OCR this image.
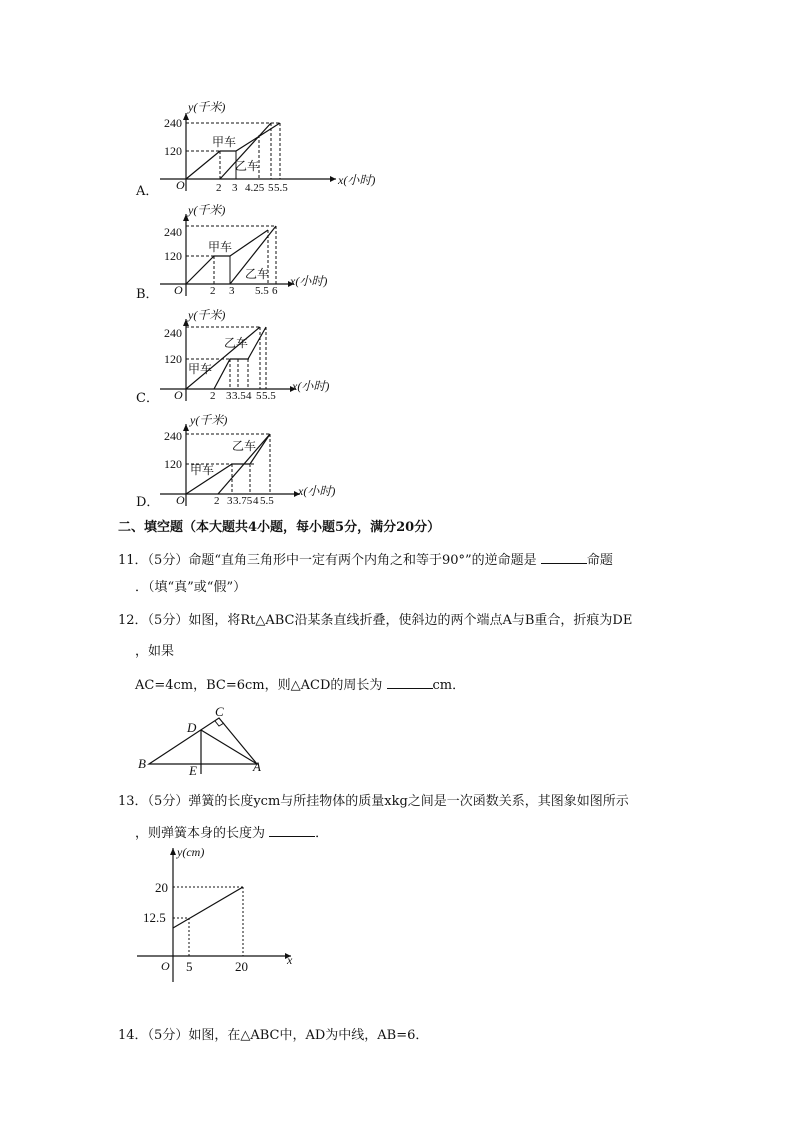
A．
y(千米)
x(小时)
240
120
O	2 3 4.25 5 5.5
甲车
乙车
B．
y(千米)
x(小时)
240
120
O 2 3 5.5 6
甲车
乙车
C．
y(千米)
x(小时)
240
120
O 2 3 3.5 4 5 5.5
乙车
甲车
D．
y(千米)
x(小时)
240
120
O	2 3 3.75 4 5.5
乙车
甲车
二、填空题（本大题共4小题，每小题5分，满分20分）
11．（5分）命题“直角三角形中一定有两个内角之和等于90°”的逆命题是	命题
．（填“真”或“假”）
12．（5分）如图，将Rt△ABC沿某条直线折叠，使斜边的两个端点A与B重合，折痕为DE
，如果
AC=4cm，BC=6cm，则△ACD的周长为	cm．
C
D
B	E	A
13．（5分）弹簧的长度ycm与所挂物体的质量xkg之间是一次函数关系，其图象如图所示
，则弹簧本身的长度为	．
y(cm)
x
O
20
12.5
5	20
14．（5分）如图，在△ABC中，AD为中线，AB=6．
